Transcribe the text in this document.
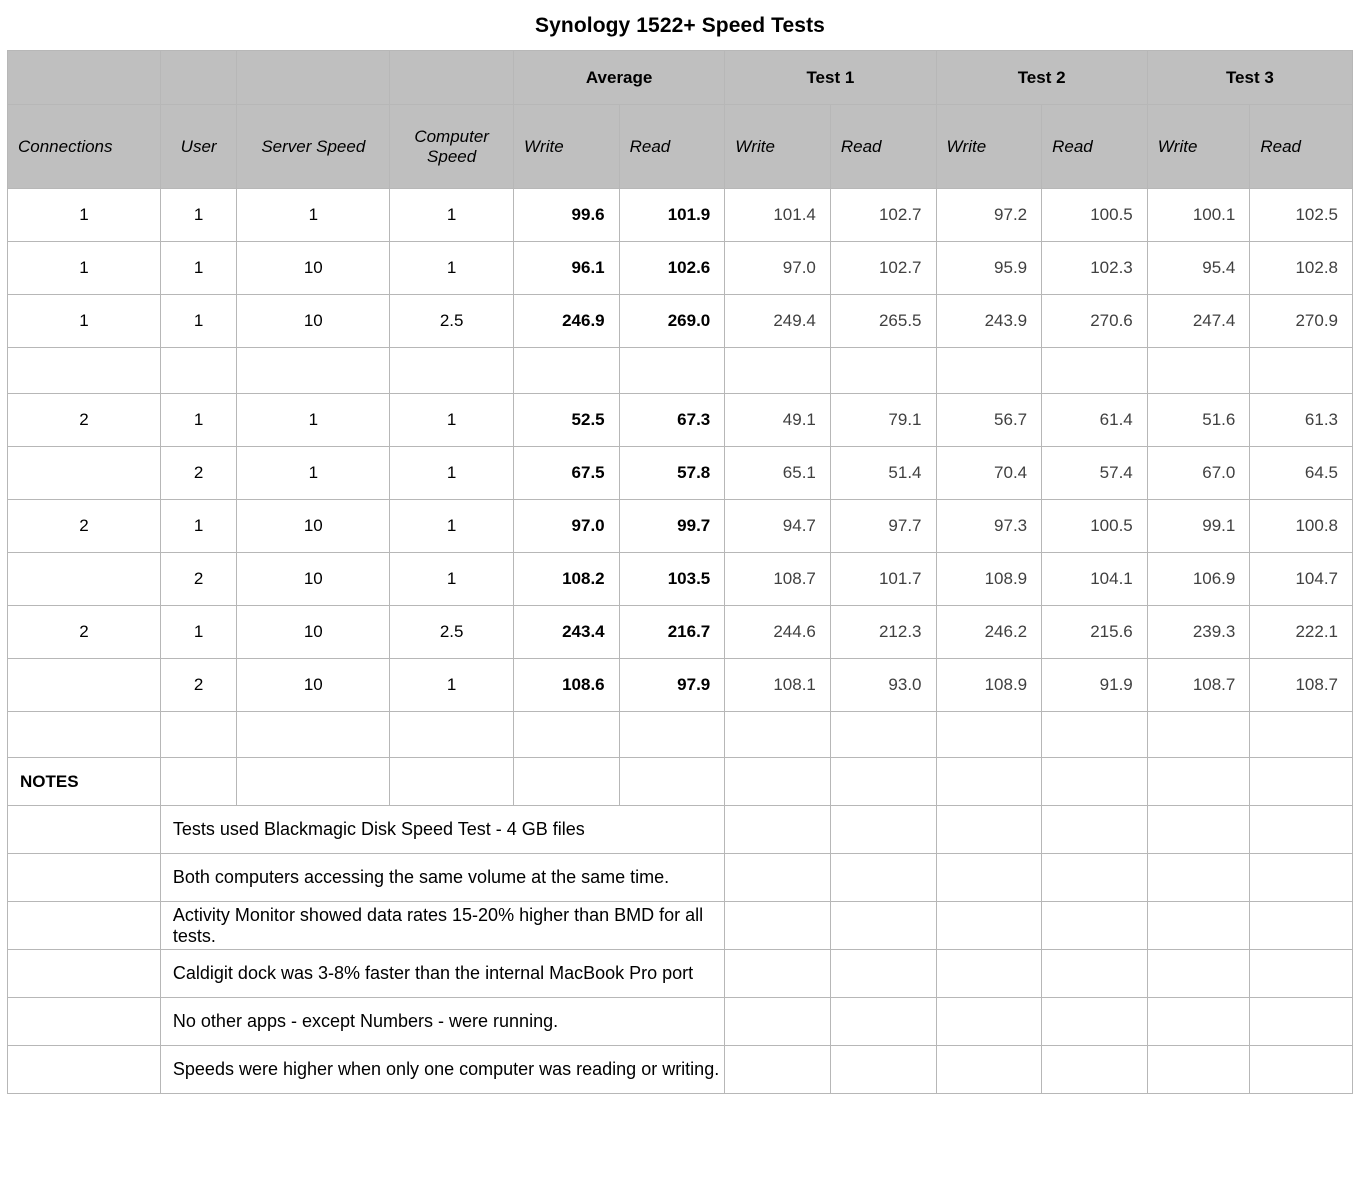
Synology 1522+ Speed Tests
				Average		Test 1		Test 2		Test 3	
Connections	User	Server Speed	Computer Speed	Write	Read	Write	Read	Write	Read	Write	Read
1	1	1	1	99.6	101.9	101.4	102.7	97.2	100.5	100.1	102.5
1	1	10	1	96.1	102.6	97.0	102.7	95.9	102.3	95.4	102.8
1	1	10	2.5	246.9	269.0	249.4	265.5	243.9	270.6	247.4	270.9

2	1	1	1	52.5	67.3	49.1	79.1	56.7	61.4	51.6	61.3
	2	1	1	67.5	57.8	65.1	51.4	70.4	57.4	67.0	64.5
2	1	10	1	97.0	99.7	94.7	97.7	97.3	100.5	99.1	100.8
	2	10	1	108.2	103.5	108.7	101.7	108.9	104.1	106.9	104.7
2	1	10	2.5	243.4	216.7	244.6	212.3	246.2	215.6	239.3	222.1
	2	10	1	108.6	97.9	108.1	93.0	108.9	91.9	108.7	108.7

NOTES											
	Tests used Blackmagic Disk Speed Test - 4 GB files										
	Both computers accessing the same volume at the same time.										
	Activity Monitor showed data rates 15-20% higher than BMD for all tests.										
	Caldigit dock was 3-8% faster than the internal MacBook Pro port										
	No other apps - except Numbers - were running.										
	Speeds were higher when only one computer was reading or writing.										
